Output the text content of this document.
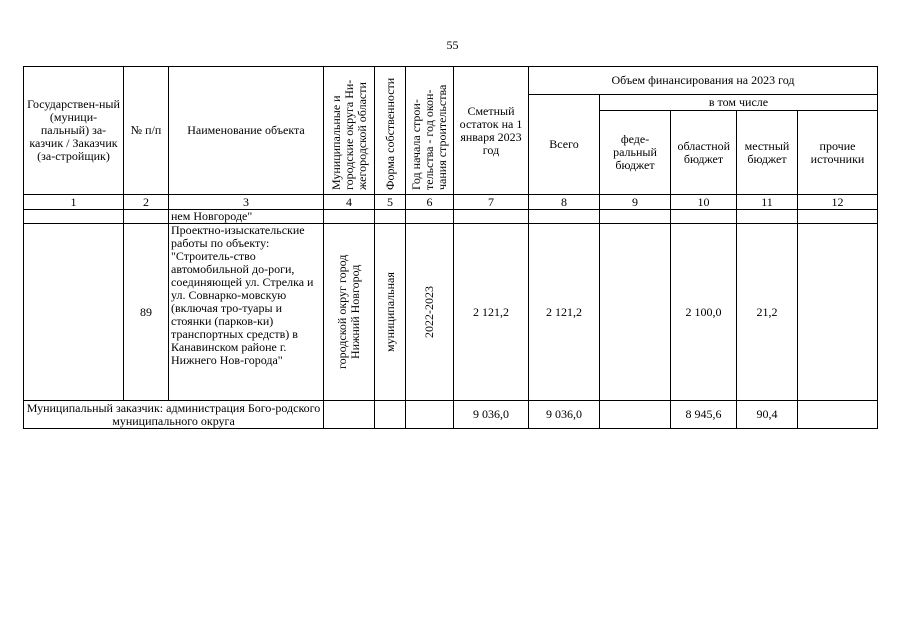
55
Государствен-ный (муници-пальный) за-казчик / Заказчик (за-стройщик)	№ п/п	Наименование объекта	Муниципальные и городские округа Ни-жегородской области	Форма собственности	Год начала строи-тельства - год окон-чания строительства	Сметный остаток на 1 января 2023 год	Объем финансирования на 2023 год				
							Всего	в том числе			

								феде-ральный бюджет	областной бюджет	местный бюджет	прочие источники

1	2	3	4	5	6	7	8	9	10	11	12
		нем Новгороде"									
	89	Проектно-изыскательские работы по объекту: "Строитель-ство автомобильной до-роги, соединяющей ул. Стрелка и ул. Совнарко-мовскую (включая тро-туары и стоянки (парков-ки) транспортных средств) в Канавинском районе г. Нижнего Нов-города"	городской округ город Нижний Новгород	муниципальная	2022-2023	2 121,2	2 121,2		2 100,0	21,2	
Муниципальный заказчик: администрация Бого-родского муниципального округа						9 036,0	9 036,0		8 945,6	90,4	
